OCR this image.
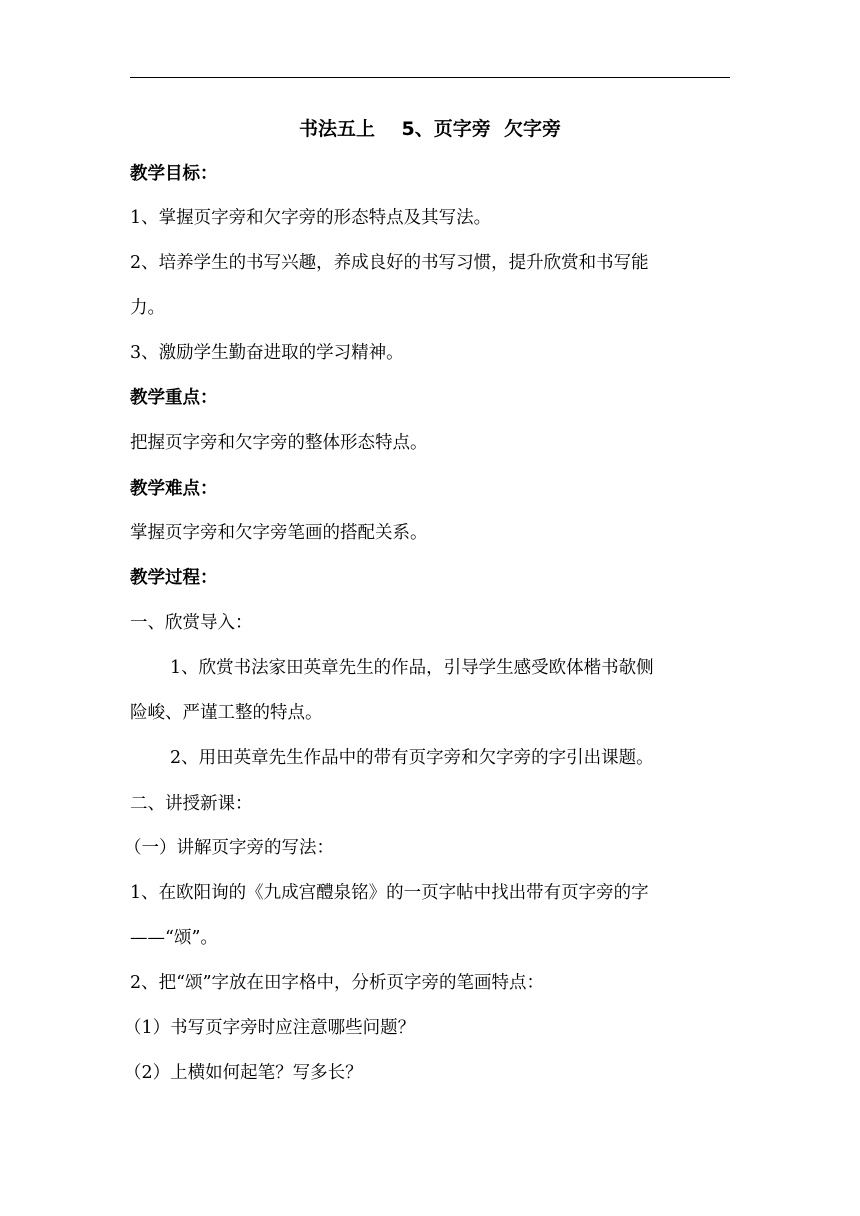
书法五上    5、页字旁  欠字旁
教学目标：
1、掌握页字旁和欠字旁的形态特点及其写法。
2、培养学生的书写兴趣，养成良好的书写习惯，提升欣赏和书写能
力。
3、激励学生勤奋进取的学习精神。
教学重点：
把握页字旁和欠字旁的整体形态特点。
教学难点：
掌握页字旁和欠字旁笔画的搭配关系。
教学过程：
一、欣赏导入：
1、欣赏书法家田英章先生的作品，引导学生感受欧体楷书欹侧
险峻、严谨工整的特点。
2、用田英章先生作品中的带有页字旁和欠字旁的字引出课题。
二、讲授新课：
（一）讲解页字旁的写法：
1、在欧阳询的《九成宫醴泉铭》的一页字帖中找出带有页字旁的字
——“颂”。
2、把“颂”字放在田字格中，分析页字旁的笔画特点：
（1）书写页字旁时应注意哪些问题？
（2）上横如何起笔？写多长？
